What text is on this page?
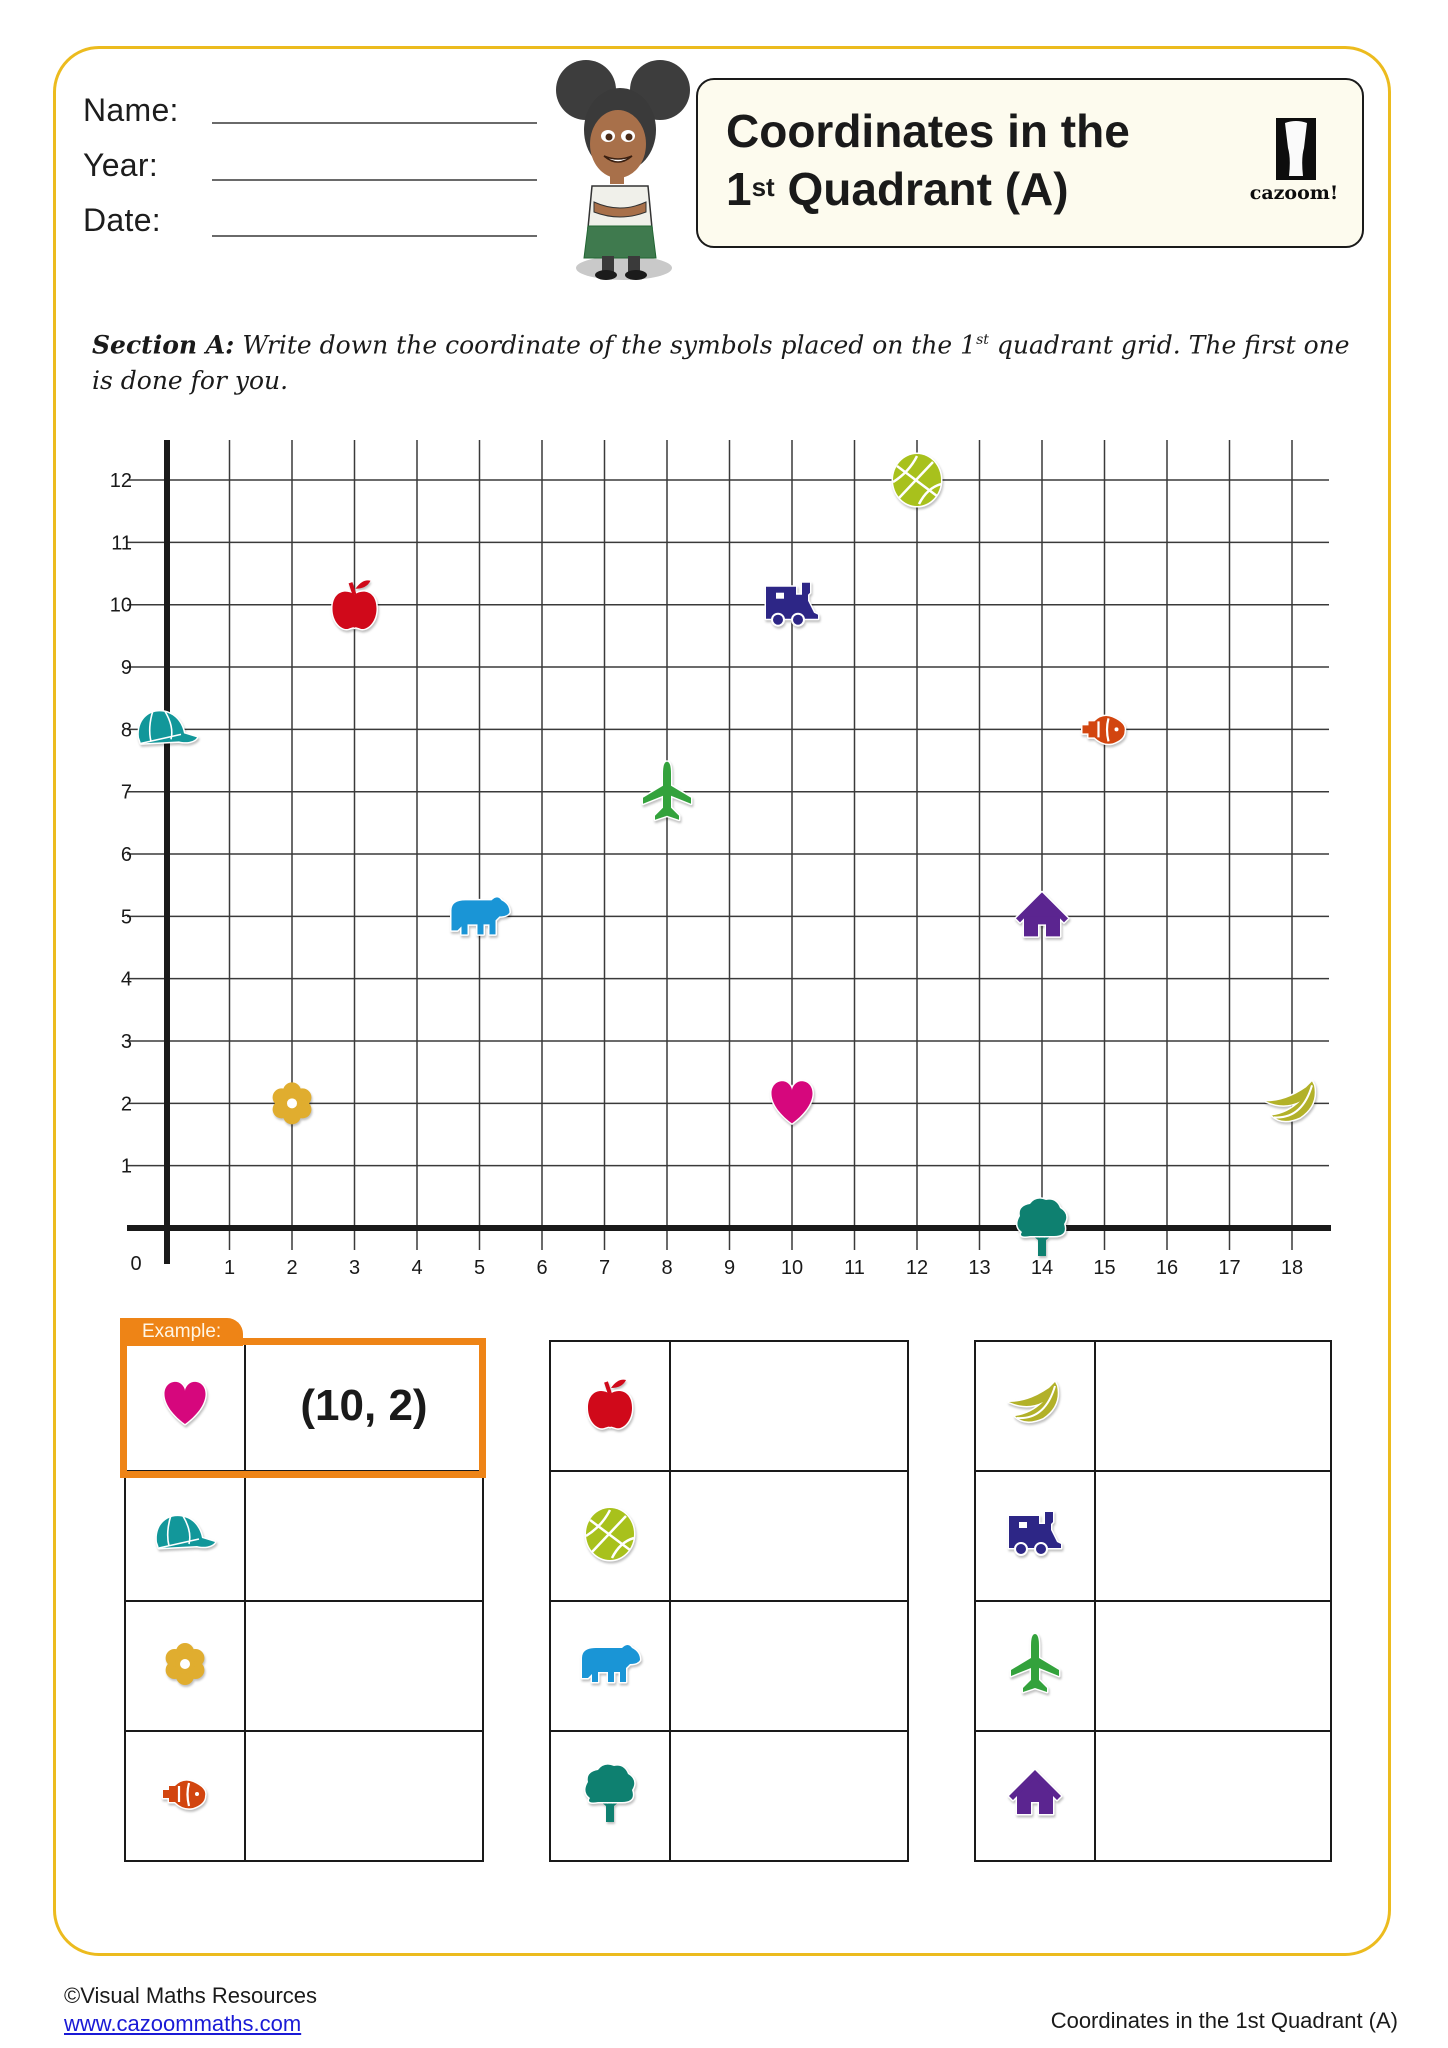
Name:
Year:
Date:
Coordinates in the
1st Quadrant (A)	cazoom!
Section A: Write down the coordinate of the symbols placed on the 1st quadrant grid. The first one is done for you.
1
2
3
4
5
6
7
8
9
10
11
12
1	2	3	4	5	6	7	8	9 10 11 12 13 14 15 16 17 18
0
	(10, 2)

Example:
©Visual Maths Resources
www.cazoommaths.com	Coordinates in the 1st Quadrant (A)
